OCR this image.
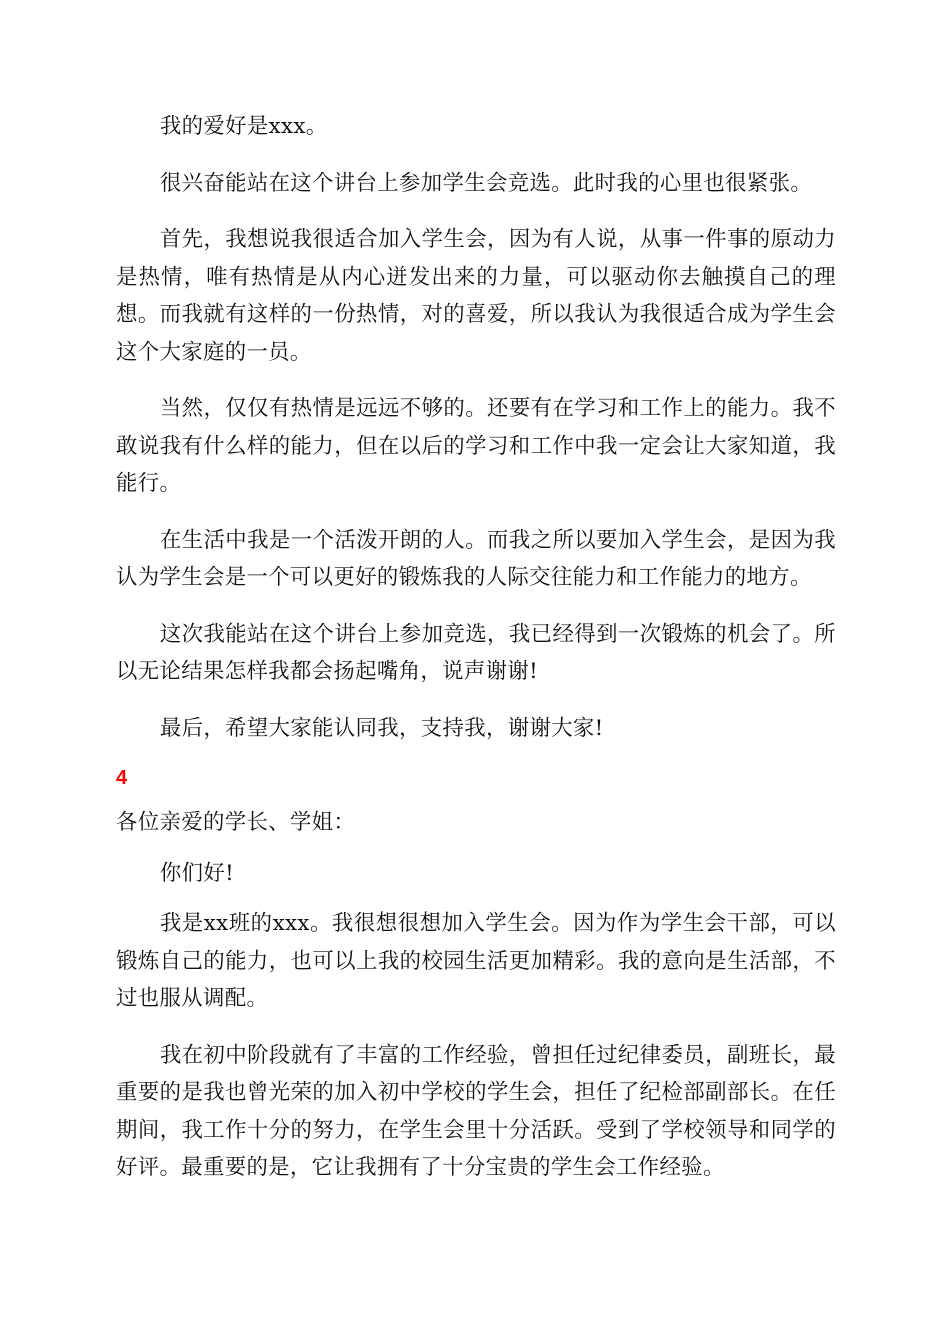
我的爱好是xxx。

很兴奋能站在这个讲台上参加学生会竞选。此时我的心里也很紧张。

首先，我想说我很适合加入学生会，因为有人说，从事一件事的原动力是热情，唯有热情是从内心迸发出来的力量，可以驱动你去触摸自己的理想。而我就有这样的一份热情，对的喜爱，所以我认为我很适合成为学生会这个大家庭的一员。

当然，仅仅有热情是远远不够的。还要有在学习和工作上的能力。我不敢说我有什么样的能力，但在以后的学习和工作中我一定会让大家知道，我能行。

在生活中我是一个活泼开朗的人。而我之所以要加入学生会，是因为我认为学生会是一个可以更好的锻炼我的人际交往能力和工作能力的地方。

这次我能站在这个讲台上参加竞选，我已经得到一次锻炼的机会了。所以无论结果怎样我都会扬起嘴角，说声谢谢!

最后，希望大家能认同我，支持我，谢谢大家!

4

各位亲爱的学长、学姐：

你们好!

我是xx班的xxx。我很想很想加入学生会。因为作为学生会干部，可以锻炼自己的能力，也可以上我的校园生活更加精彩。我的意向是生活部，不过也服从调配。

我在初中阶段就有了丰富的工作经验，曾担任过纪律委员，副班长，最重要的是我也曾光荣的加入初中学校的学生会，担任了纪检部副部长。在任期间，我工作十分的努力，在学生会里十分活跃。受到了学校领导和同学的好评。最重要的是，它让我拥有了十分宝贵的学生会工作经验。
